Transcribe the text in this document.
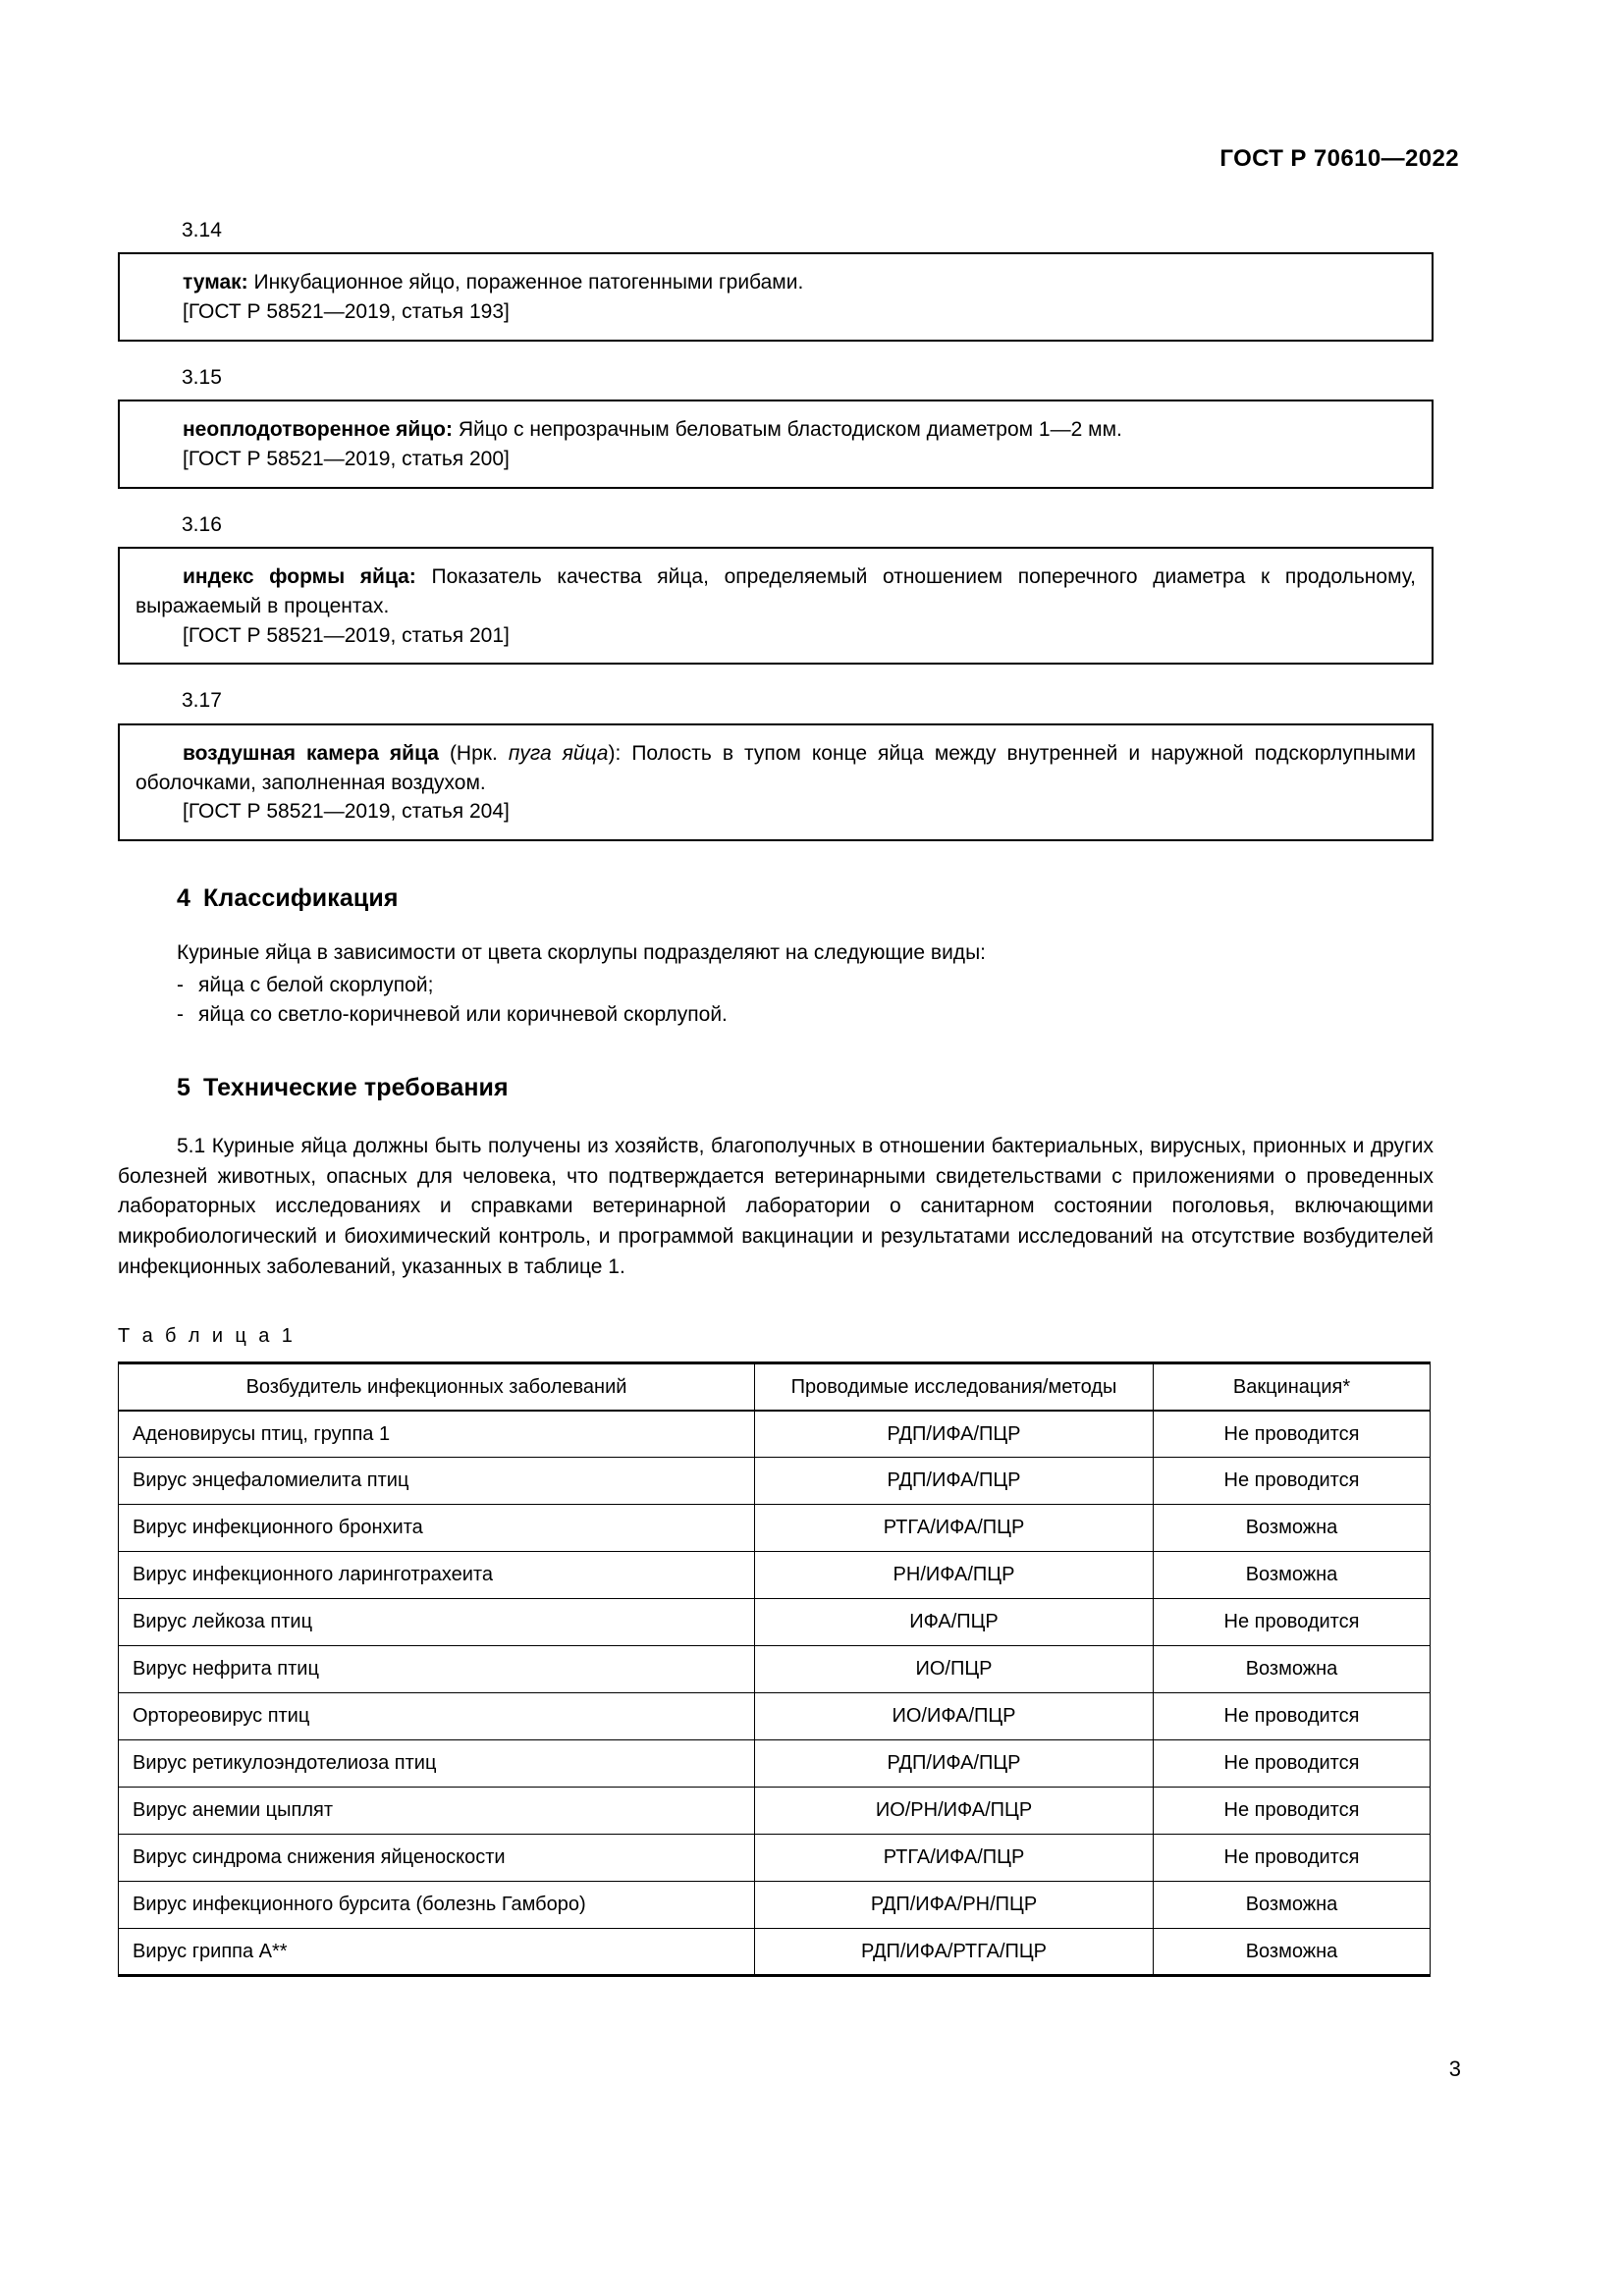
ГОСТ Р 70610—2022
3.14

тумак: Инкубационное яйцо, пораженное патогенными грибами.

[ГОСТ Р 58521—2019, статья 193]

3.15

неоплодотворенное яйцо: Яйцо с непрозрачным беловатым бластодиском диаметром 1—2 мм.

[ГОСТ Р 58521—2019, статья 200]

3.16

индекс формы яйца: Показатель качества яйца, определяемый отношением поперечного диаметра к продольному, выражаемый в процентах.

[ГОСТ Р 58521—2019, статья 201]

3.17

воздушная камера яйца (Нрк. пуга яйца): Полость в тупом конце яйца между внутренней и наружной подскорлупными оболочками, заполненная воздухом.

[ГОСТ Р 58521—2019, статья 204]

4 Классификация

Куриные яйца в зависимости от цвета скорлупы подразделяют на следующие виды:

- яйца с белой скорлупой;

- яйца со светло-коричневой или коричневой скорлупой.

5 Технические требования

5.1 Куриные яйца должны быть получены из хозяйств, благополучных в отношении бактериальных, вирусных, прионных и других болезней животных, опасных для человека, что подтверждается ветеринарными свидетельствами с приложениями о проведенных лабораторных исследованиях и справками ветеринарной лаборатории о санитарном состоянии поголовья, включающими микробиологический и биохимический контроль, и программой вакцинации и результатами исследований на отсутствие возбудителей инфекционных заболеваний, указанных в таблице 1.

Т а б л и ц а 1
Возбудитель инфекционных заболеваний	Проводимые исследования/методы	Вакцинация*
Аденовирусы птиц, группа 1	РДП/ИФА/ПЦР	Не проводится
Вирус энцефаломиелита птиц	РДП/ИФА/ПЦР	Не проводится
Вирус инфекционного бронхита	РТГА/ИФА/ПЦР	Возможна
Вирус инфекционного ларинготрахеита	РН/ИФА/ПЦР	Возможна
Вирус лейкоза птиц	ИФА/ПЦР	Не проводится
Вирус нефрита птиц	ИО/ПЦР	Возможна
Ортореовирус птиц	ИО/ИФА/ПЦР	Не проводится
Вирус ретикулоэндотелиоза птиц	РДП/ИФА/ПЦР	Не проводится
Вирус анемии цыплят	ИО/РН/ИФА/ПЦР	Не проводится
Вирус синдрома снижения яйценоскости	РТГА/ИФА/ПЦР	Не проводится
Вирус инфекционного бурсита (болезнь Гамборо)	РДП/ИФА/РН/ПЦР	Возможна
Вирус гриппа А**	РДП/ИФА/РТГА/ПЦР	Возможна
3
